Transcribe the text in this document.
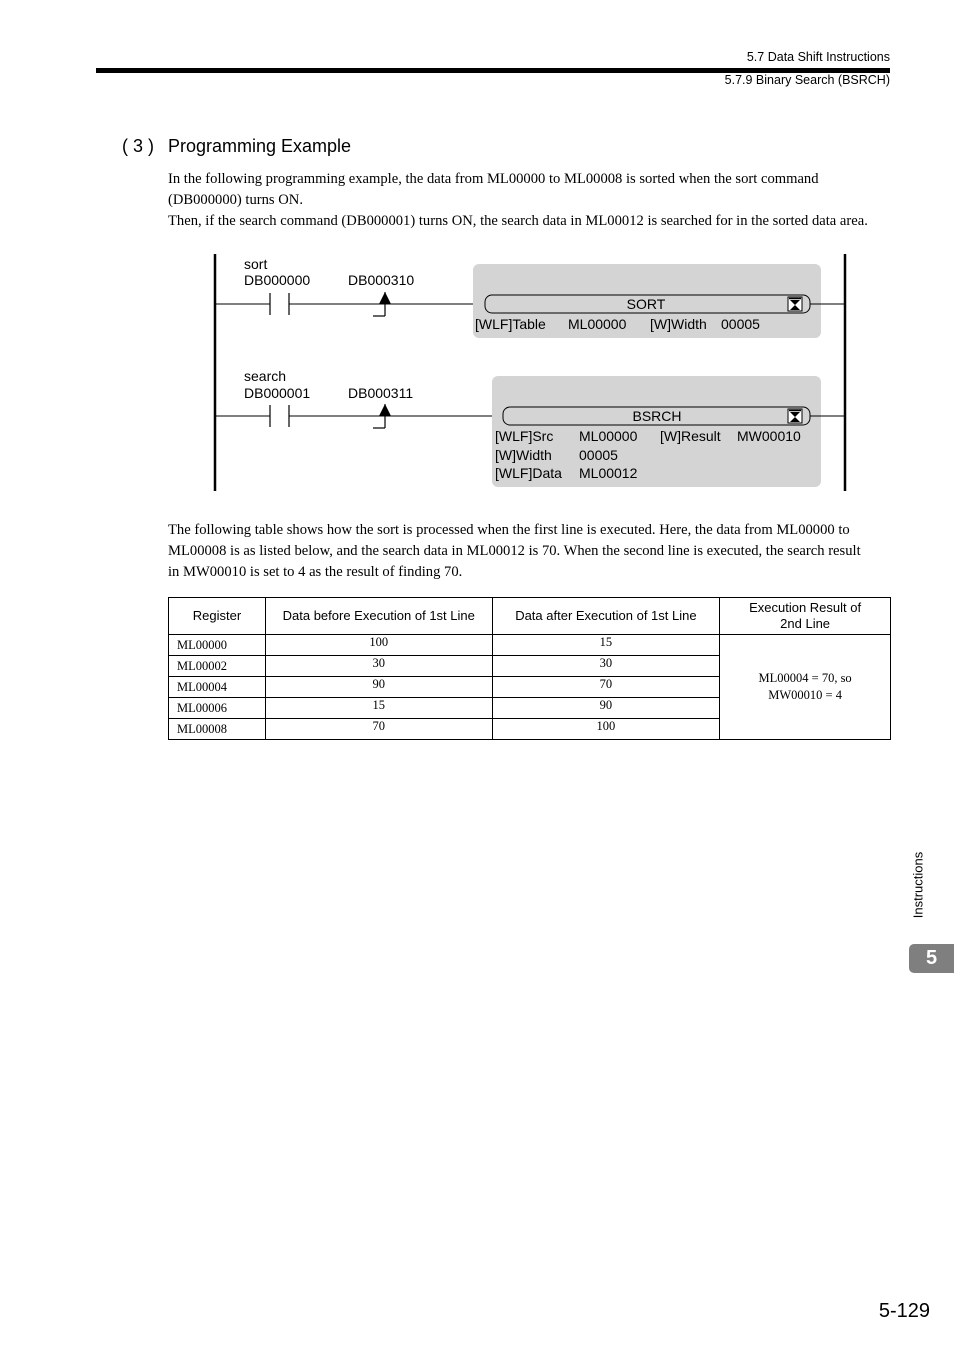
5.7 Data Shift Instructions
5.7.9 Binary Search (BSRCH)
( 3 ) Programming Example

In the following programming example, the data from ML00000 to ML00008 is sorted when the sort command

(DB000000) turns ON.

Then, if the search command (DB000001) turns ON, the search data in ML00012 is searched for in the sorted data area.

sort
DB000000	DB000310
SORT
[WLF]Table ML00000 [W]Width 00005
search
DB000001	DB000311
BSRCH
[WLF]Src ML00000 [W]Result MW00010
[W]Width 00005
[WLF]Data ML00012

The following table shows how the sort is processed when the first line is executed. Here, the data from ML00000 to

ML00008 is as listed below, and the search data in ML00012 is 70. When the second line is executed, the search result

in MW00010 is set to 4 as the result of finding 70.

Register	Data before Execution of 1st Line	Data after Execution of 1st Line	Execution Result of
2nd Line
ML00000	100	15	ML00004 = 70, so
MW00010 = 4
ML00002	30	30	
ML00004	90	70	
ML00006	15	90	
ML00008	70	100	
Instructions
5
5-129
